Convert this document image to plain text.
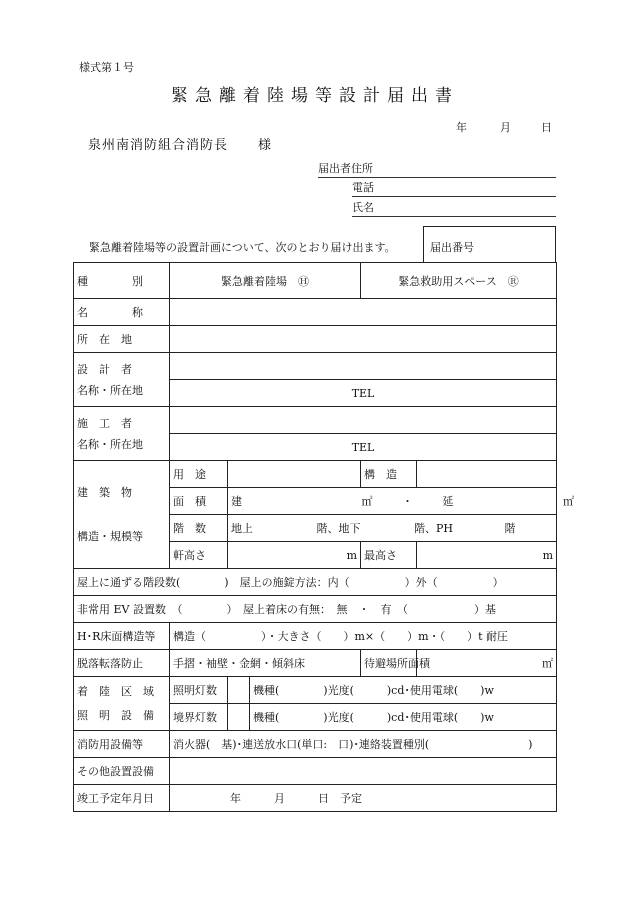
様式第１号
緊急離着陸場等設計届出書
年	月	日
泉州南消防組合消防長 様
届出者住所
電話
氏名
緊急離着陸場等の設置計画について、次のとおり届け出ます。	届出番号
種　　　　別	緊急離着陸場　Ⓗ			緊急救助用スペース　Ⓡ	
名　　　　称					
所　在　地					
設　計　者
名称・所在地					
	TEL				
施　工　者
名称・所在地					
	TEL				
建　築　物
構造・規模等	用　途			構　造	
	面　積	建 ㎡ ・ 延 ㎡			
	階　数	地上 階、地下 階、PH 階			
	軒高さ	m		最高さ	m
屋上に通ずる階段数(　　　　)　屋上の施錠方法：内（　　　　　）外（　　　　　）					
非常用 EV 設置数　（　　　　）　屋上着床の有無：　無　・　有　（　　　　　　）基					
H･R床面構造等	構造（　　　　　）・大きさ（　　）m×（　　）m・（　　）t 耐圧				
脱落転落防止	手摺・袖壁・金網・傾斜床			待避場所面積	㎡
着　陸　区　域
照　明　設　備	照明灯数		機種(　　　　)光度(　　　)cd･使用電球(　　)w		
	境界灯数		機種(　　　　)光度(　　　)cd･使用電球(　　)w		
消防用設備等	消火器(　基)･連送放水口(単口:　口)･連絡装置種別(　　　　　　　　　)				
その他設置設備					
竣工予定年月日	年　　　月　　　日　予定				
